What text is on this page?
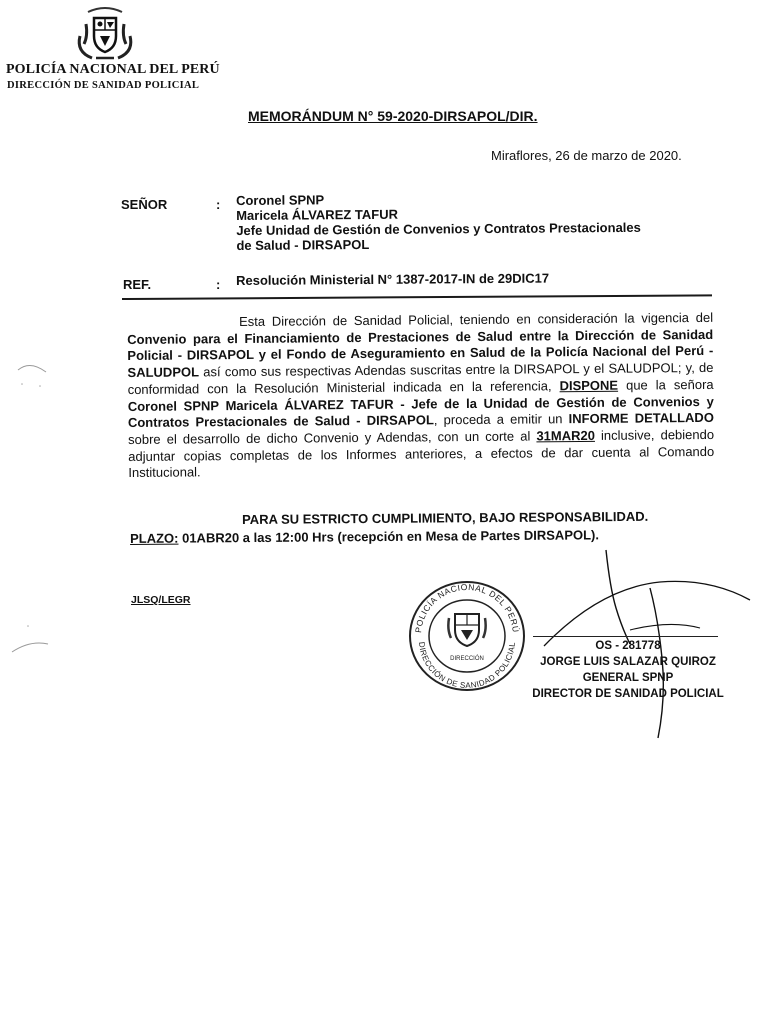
POLICÍA NACIONAL DEL PERÚ
DIRECCIÓN DE SANIDAD POLICIAL
MEMORÁNDUM N° 59-2020-DIRSAPOL/DIR.
Miraflores, 26 de marzo de 2020.
SEÑOR	: Coronel SPNP
Maricela ÁLVAREZ TAFUR
Jefe Unidad de Gestión de Convenios y Contratos Prestacionales
de Salud - DIRSAPOL
REF.	: Resolución Ministerial N° 1387-2017-IN de 29DIC17
Esta Dirección de Sanidad Policial, teniendo en consideración la vigencia del Convenio para el Financiamiento de Prestaciones de Salud entre la Dirección de Sanidad Policial - DIRSAPOL y el Fondo de Aseguramiento en Salud de la Policía Nacional del Perú - SALUDPOL así como sus respectivas Adendas suscritas entre la DIRSAPOL y el SALUDPOL; y, de conformidad con la Resolución Ministerial indicada en la referencia, DISPONE que la señora Coronel SPNP Maricela ÁLVAREZ TAFUR - Jefe de la Unidad de Gestión de Convenios y Contratos Prestacionales de Salud - DIRSAPOL, proceda a emitir un INFORME DETALLADO sobre el desarrollo de dicho Convenio y Adendas, con un corte al 31MAR20 inclusive, debiendo adjuntar copias completas de los Informes anteriores, a efectos de dar cuenta al Comando Institucional.
PARA SU ESTRICTO CUMPLIMIENTO, BAJO RESPONSABILIDAD.
PLAZO: 01ABR20 a las 12:00 Hrs (recepción en Mesa de Partes DIRSAPOL).
JLSQ/LEGR
POLICÍA NACIONAL DEL PERÚ
DIRECCIÓN DE SANIDAD POLICIAL
DIRECCIÓN
OS - 281778
JORGE LUIS SALAZAR QUIROZ
GENERAL SPNP
DIRECTOR DE SANIDAD POLICIAL
